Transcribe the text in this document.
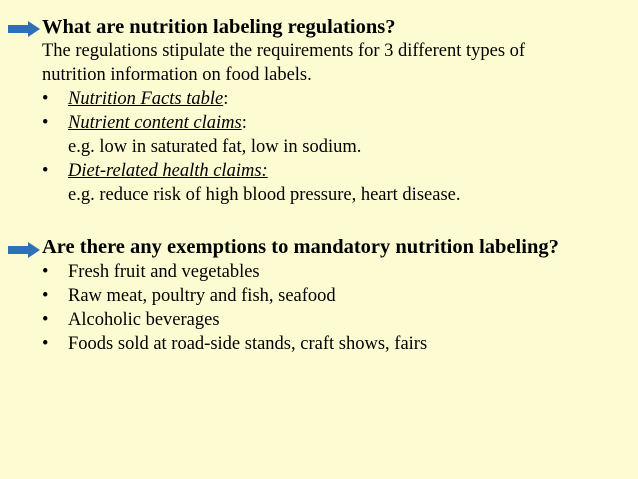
What are nutrition labeling regulations?
The regulations stipulate the requirements for 3 different types of
nutrition information on food labels.
• Nutrition Facts table:
• Nutrient content claims:
e.g. low in saturated fat, low in sodium.
• Diet-related health claims:
e.g. reduce risk of high blood pressure, heart disease.
Are there any exemptions to mandatory nutrition labeling?
• Fresh fruit and vegetables
• Raw meat, poultry and fish, seafood
• Alcoholic beverages
• Foods sold at road-side stands, craft shows, fairs
